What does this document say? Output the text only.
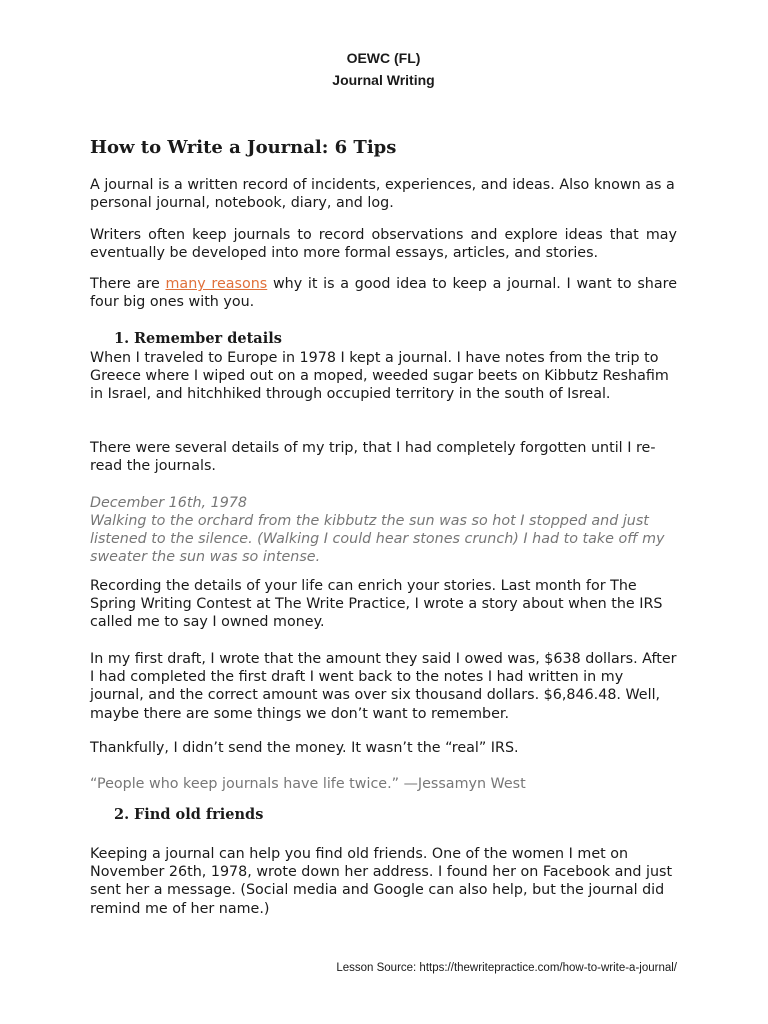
OEWC (FL)
Journal Writing
How to Write a Journal: 6 Tips

A journal is a written record of incidents, experiences, and ideas. Also known as a personal journal, notebook, diary, and log.

Writers often keep journals to record observations and explore ideas that may eventually be developed into more formal essays, articles, and stories.

There are many reasons why it is a good idea to keep a journal. I want to share four big ones with you.

1. Remember details

When I traveled to Europe in 1978 I kept a journal. I have notes from the trip to Greece where I wiped out on a moped, weeded sugar beets on Kibbutz Reshafim in Israel, and hitchhiked through occupied territory in the south of Isreal.

There were several details of my trip, that I had completely forgotten until I re-read the journals.

December 16th, 1978

Walking to the orchard from the kibbutz the sun was so hot I stopped and just listened to the silence. (Walking I could hear stones crunch) I had to take off my sweater the sun was so intense.

Recording the details of your life can enrich your stories. Last month for The Spring Writing Contest at The Write Practice, I wrote a story about when the IRS called me to say I owned money.

In my first draft, I wrote that the amount they said I owed was, $638 dollars. After I had completed the first draft I went back to the notes I had written in my journal, and the correct amount was over six thousand dollars. $6,846.48. Well, maybe there are some things we don’t want to remember.

Thankfully, I didn’t send the money. It wasn’t the “real” IRS.

“People who keep journals have life twice.” —Jessamyn West

2. Find old friends

Keeping a journal can help you find old friends. One of the women I met on November 26th, 1978, wrote down her address. I found her on Facebook and just sent her a message. (Social media and Google can also help, but the journal did remind me of her name.)

Lesson Source: https://thewritepractice.com/how-to-write-a-journal/
